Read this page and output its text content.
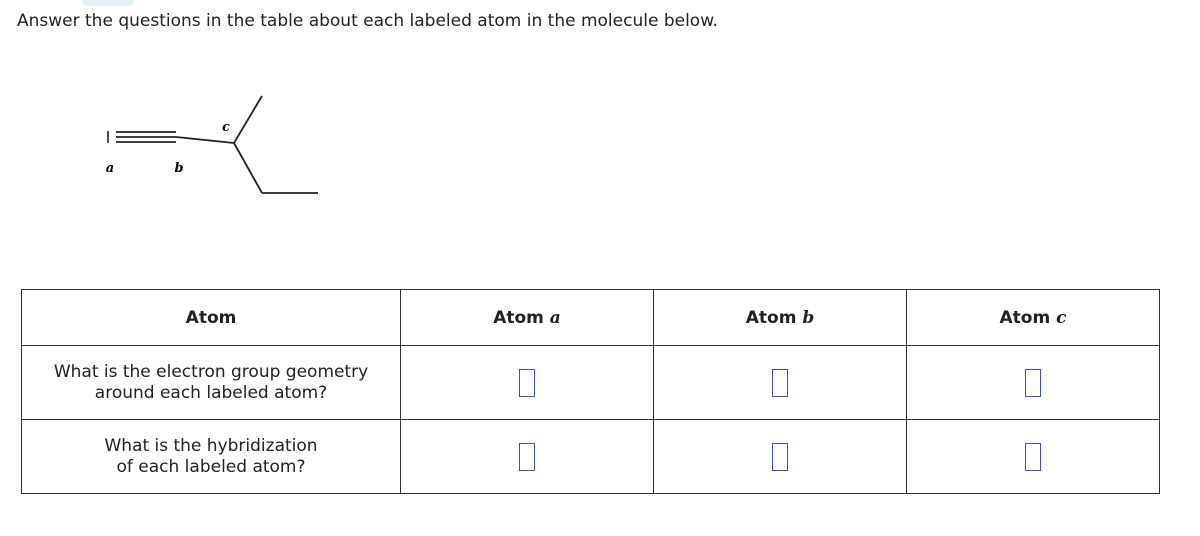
Answer the questions in the table about each labeled atom in the molecule below.
a	b
c
Atom	Atom a	Atom b	Atom c

What is the electron group geometry
around each labeled atom?			

What is the hybridization
of each labeled atom?			
